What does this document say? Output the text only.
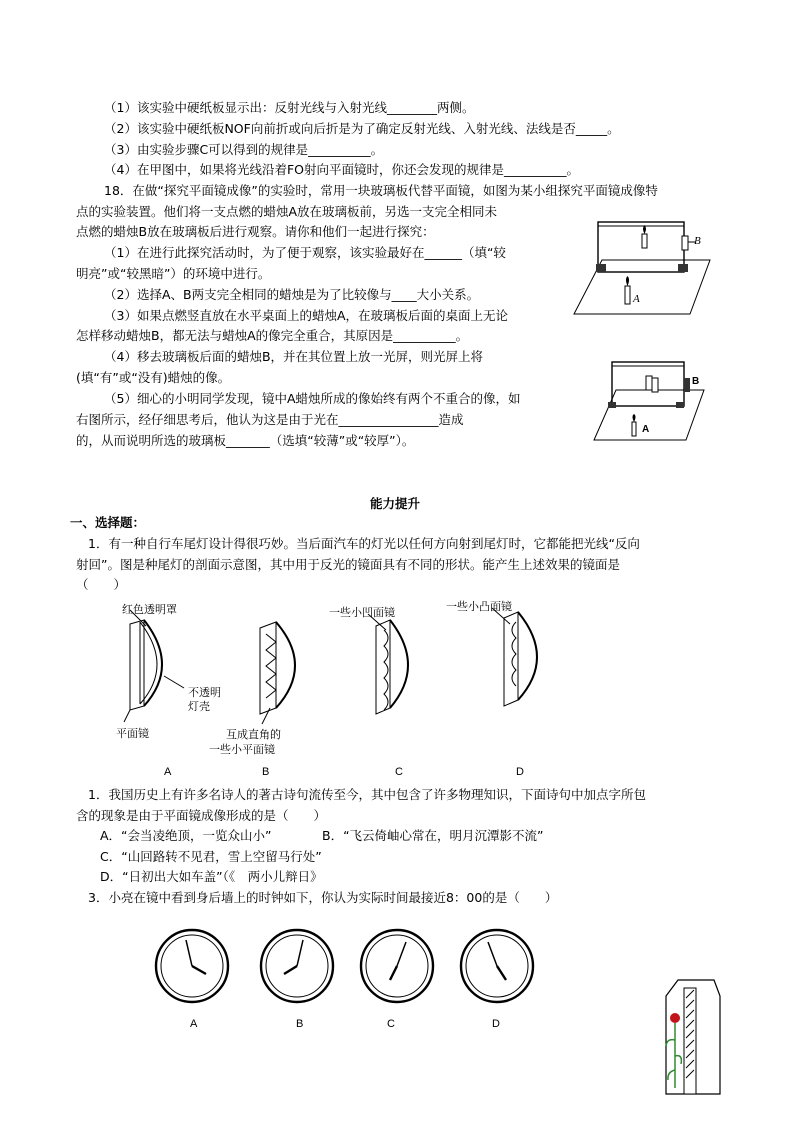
（1）该实验中硬纸板显示出：反射光线与入射光线________两侧。
（2）该实验中硬纸板NOF向前折或向后折是为了确定反射光线、入射光线、法线是否_____。
（3）由实验步骤C可以得到的规律是__________。
（4）在甲图中，如果将光线沿着FO射向平面镜时，你还会发现的规律是__________。
18．在做“探究平面镜成像”的实验时，常用一块玻璃板代替平面镜，如图为某小组探究平面镜成像特
点的实验装置。他们将一支点燃的蜡烛A放在玻璃板前，另选一支完全相同未
点燃的蜡烛B放在玻璃板后进行观察。请你和他们一起进行探究：
（1）在进行此探究活动时，为了便于观察，该实验最好在______（填“较
明亮”或“较黑暗”）的环境中进行。
（2）选择A、B两支完全相同的蜡烛是为了比较像与____大小关系。
（3）如果点燃竖直放在水平桌面上的蜡烛A，在玻璃板后面的桌面上无论
怎样移动蜡烛B，都无法与蜡烛A的像完全重合，其原因是__________。
（4）移去玻璃板后面的蜡烛B，并在其位置上放一光屏，则光屏上将
(填“有”或“没有)蜡烛的像。
（5）细心的小明同学发现，镜中A蜡烛所成的像始终有两个不重合的像，如
右图所示，经仔细思考后，他认为这是由于光在________________造成
的，从而说明所选的玻璃板_______（选填“较薄”或“较厚”）。
B
A
B
A
能力提升
一、选择题：
1．有一种自行车尾灯设计得很巧妙。当后面汽车的灯光以任何方向射到尾灯时，它都能把光线“反向
射回”。图是种尾灯的剖面示意图，其中用于反光的镜面具有不同的形状。能产生上述效果的镜面是
（　　）
红色透明罩
不透明
灯壳
平面镜	互成直角的
一些小平面镜
一些小凹面镜	一些小凸面镜
A	B	C	D
1．我国历史上有许多名诗人的著古诗句流传至今，其中包含了许多物理知识，下面诗句中加点字所包
含的现象是由于平面镜成像形成的是（　　）
A．“会当凌绝顶，一览众山小”	B．“飞云倚岫心常在，明月沉潭影不流”
C．“山回路转不见君，雪上空留马行处”
D．“日初出大如车盖”（《　两小儿辩日》
3．小亮在镜中看到身后墙上的时钟如下，你认为实际时间最接近8：00的是（　　）
A	B	C	D
